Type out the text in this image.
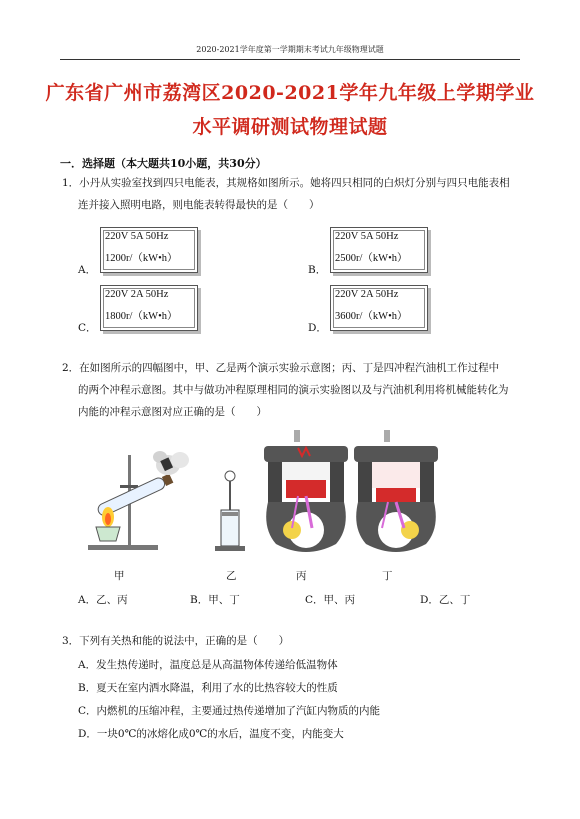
2020-2021学年度第一学期期末考试九年级物理试题
广东省广州市荔湾区2020-2021学年九年级上学期学业
水平调研测试物理试题
一．选择题（本大题共10小题，共30分）
1．小丹从实验室找到四只电能表，其规格如图所示。她将四只相同的白炽灯分别与四只电能表相
连并接入照明电路，则电能表转得最快的是（　　）
A．
220V 5A 50Hz
1200r/（kW•h）
B．
220V 5A 50Hz
2500r/（kW•h）
C．
220V 2A 50Hz
1800r/（kW•h）
D．
220V 2A 50Hz
3600r/（kW•h）
2．在如图所示的四幅图中，甲、乙是两个演示实验示意图；丙、丁是四冲程汽油机工作过程中
的两个冲程示意图。其中与做功冲程原理相同的演示实验图以及与汽油机利用将机械能转化为
内能的冲程示意图对应正确的是（　　）
甲	乙	丙	丁
A．乙、丙	B．甲、丁	C．甲、丙	D．乙、丁
3．下列有关热和能的说法中，正确的是（　　）
A．发生热传递时，温度总是从高温物体传递给低温物体
B．夏天在室内洒水降温，利用了水的比热容较大的性质
C．内燃机的压缩冲程，主要通过热传递增加了汽缸内物质的内能
D．一块0℃的冰熔化成0℃的水后，温度不变，内能变大
